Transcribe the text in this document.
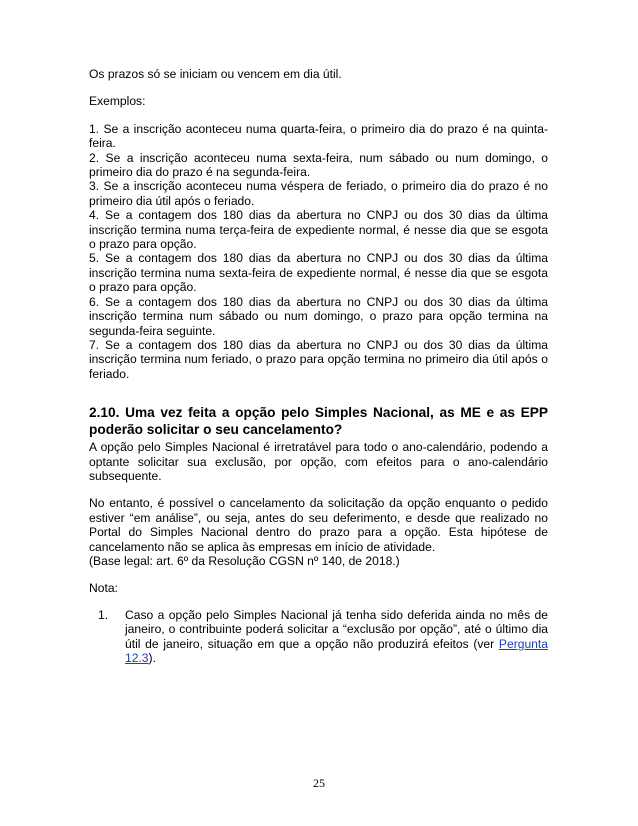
Os prazos só se iniciam ou vencem em dia útil.

Exemplos:

1. Se a inscrição aconteceu numa quarta-feira, o primeiro dia do prazo é na quinta-feira.

2. Se a inscrição aconteceu numa sexta-feira, num sábado ou num domingo, o primeiro dia do prazo é na segunda-feira.

3. Se a inscrição aconteceu numa véspera de feriado, o primeiro dia do prazo é no primeiro dia útil após o feriado.

4. Se a contagem dos 180 dias da abertura no CNPJ ou dos 30 dias da última inscrição termina numa terça-feira de expediente normal, é nesse dia que se esgota o prazo para opção.

5. Se a contagem dos 180 dias da abertura no CNPJ ou dos 30 dias da última inscrição termina numa sexta-feira de expediente normal, é nesse dia que se esgota o prazo para opção.

6. Se a contagem dos 180 dias da abertura no CNPJ ou dos 30 dias da última inscrição termina num sábado ou num domingo, o prazo para opção termina na segunda-feira seguinte.

7. Se a contagem dos 180 dias da abertura no CNPJ ou dos 30 dias da última inscrição termina num feriado, o prazo para opção termina no primeiro dia útil após o feriado.

2.10. Uma vez feita a opção pelo Simples Nacional, as ME e as EPP poderão solicitar o seu cancelamento?

A opção pelo Simples Nacional é irretratável para todo o ano-calendário, podendo a optante solicitar sua exclusão, por opção, com efeitos para o ano-calendário subsequente.

No entanto, é possível o cancelamento da solicitação da opção enquanto o pedido estiver “em análise”, ou seja, antes do seu deferimento, e desde que realizado no Portal do Simples Nacional dentro do prazo para a opção. Esta hipótese de cancelamento não se aplica às empresas em início de atividade.

(Base legal: art. 6º da Resolução CGSN nº 140, de 2018.)

Nota:

1. Caso a opção pelo Simples Nacional já tenha sido deferida ainda no mês de janeiro, o contribuinte poderá solicitar a “exclusão por opção”, até o último dia útil de janeiro, situação em que a opção não produzirá efeitos (ver Pergunta 12.3).
25
